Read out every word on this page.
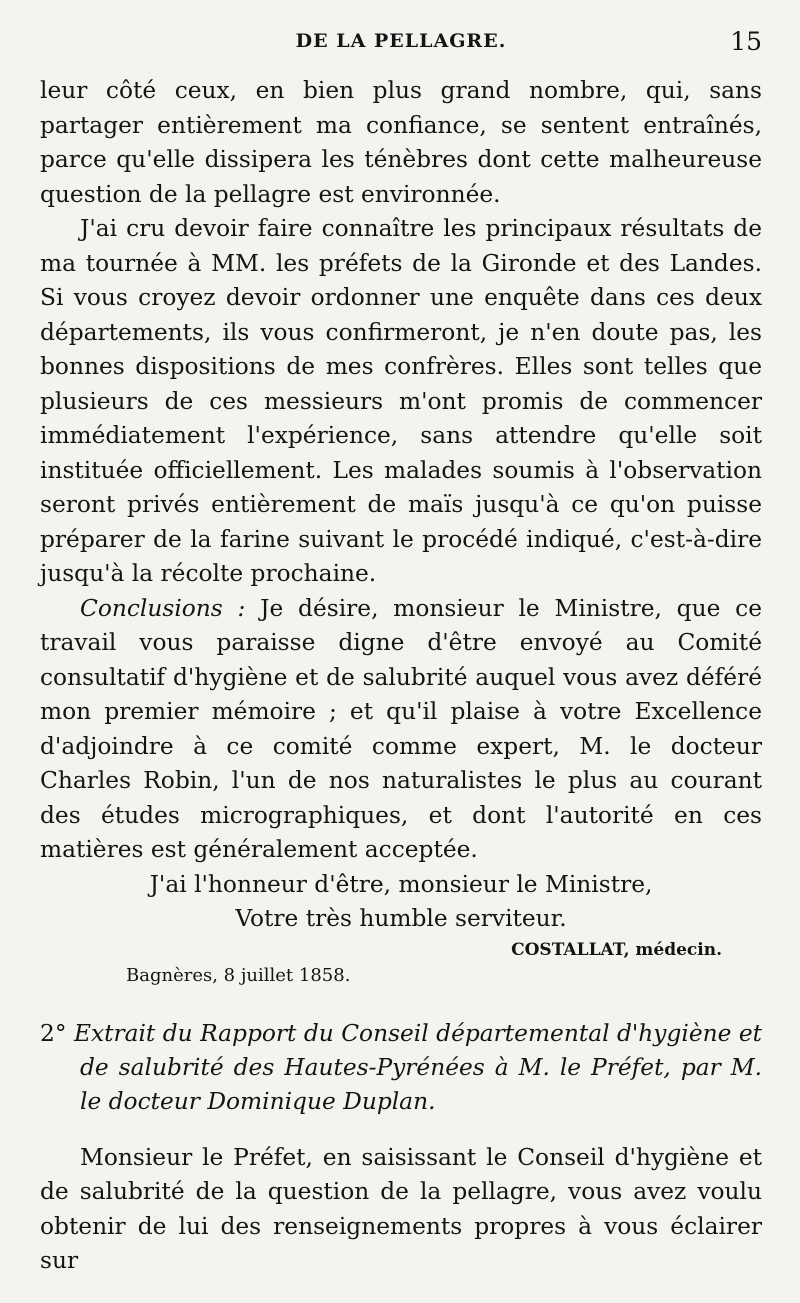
DE LA PELLAGRE.	15

leur côté ceux, en bien plus grand nombre, qui, sans partager entièrement ma confiance, se sentent entraînés, parce qu'elle dissipera les ténèbres dont cette malheureuse question de la pellagre est environnée.

J'ai cru devoir faire connaître les principaux résultats de ma tournée à MM. les préfets de la Gironde et des Landes. Si vous croyez devoir ordonner une enquête dans ces deux départements, ils vous confirmeront, je n'en doute pas, les bonnes dispositions de mes confrères. Elles sont telles que plusieurs de ces messieurs m'ont promis de commencer immédiatement l'expérience, sans attendre qu'elle soit instituée officiellement. Les malades soumis à l'observation seront privés entièrement de maïs jusqu'à ce qu'on puisse préparer de la farine suivant le procédé indiqué, c'est-à-dire jusqu'à la récolte prochaine.

Conclusions : Je désire, monsieur le Ministre, que ce travail vous paraisse digne d'être envoyé au Comité consultatif d'hygiène et de salubrité auquel vous avez déféré mon premier mémoire ; et qu'il plaise à votre Excellence d'adjoindre à ce comité comme expert, M. le docteur Charles Robin, l'un de nos naturalistes le plus au courant des études micrographiques, et dont l'autorité en ces matières est généralement acceptée.

J'ai l'honneur d'être, monsieur le Ministre,

Votre très humble serviteur.

COSTALLAT, médecin.

Bagnères, 8 juillet 1858.

2° Extrait du Rapport du Conseil départemental d'hygiène et de salubrité des Hautes-Pyrénées à M. le Préfet, par M. le docteur Dominique Duplan.

Monsieur le Préfet, en saisissant le Conseil d'hygiène et de salubrité de la question de la pellagre, vous avez voulu obtenir de lui des renseignements propres à vous éclairer sur
